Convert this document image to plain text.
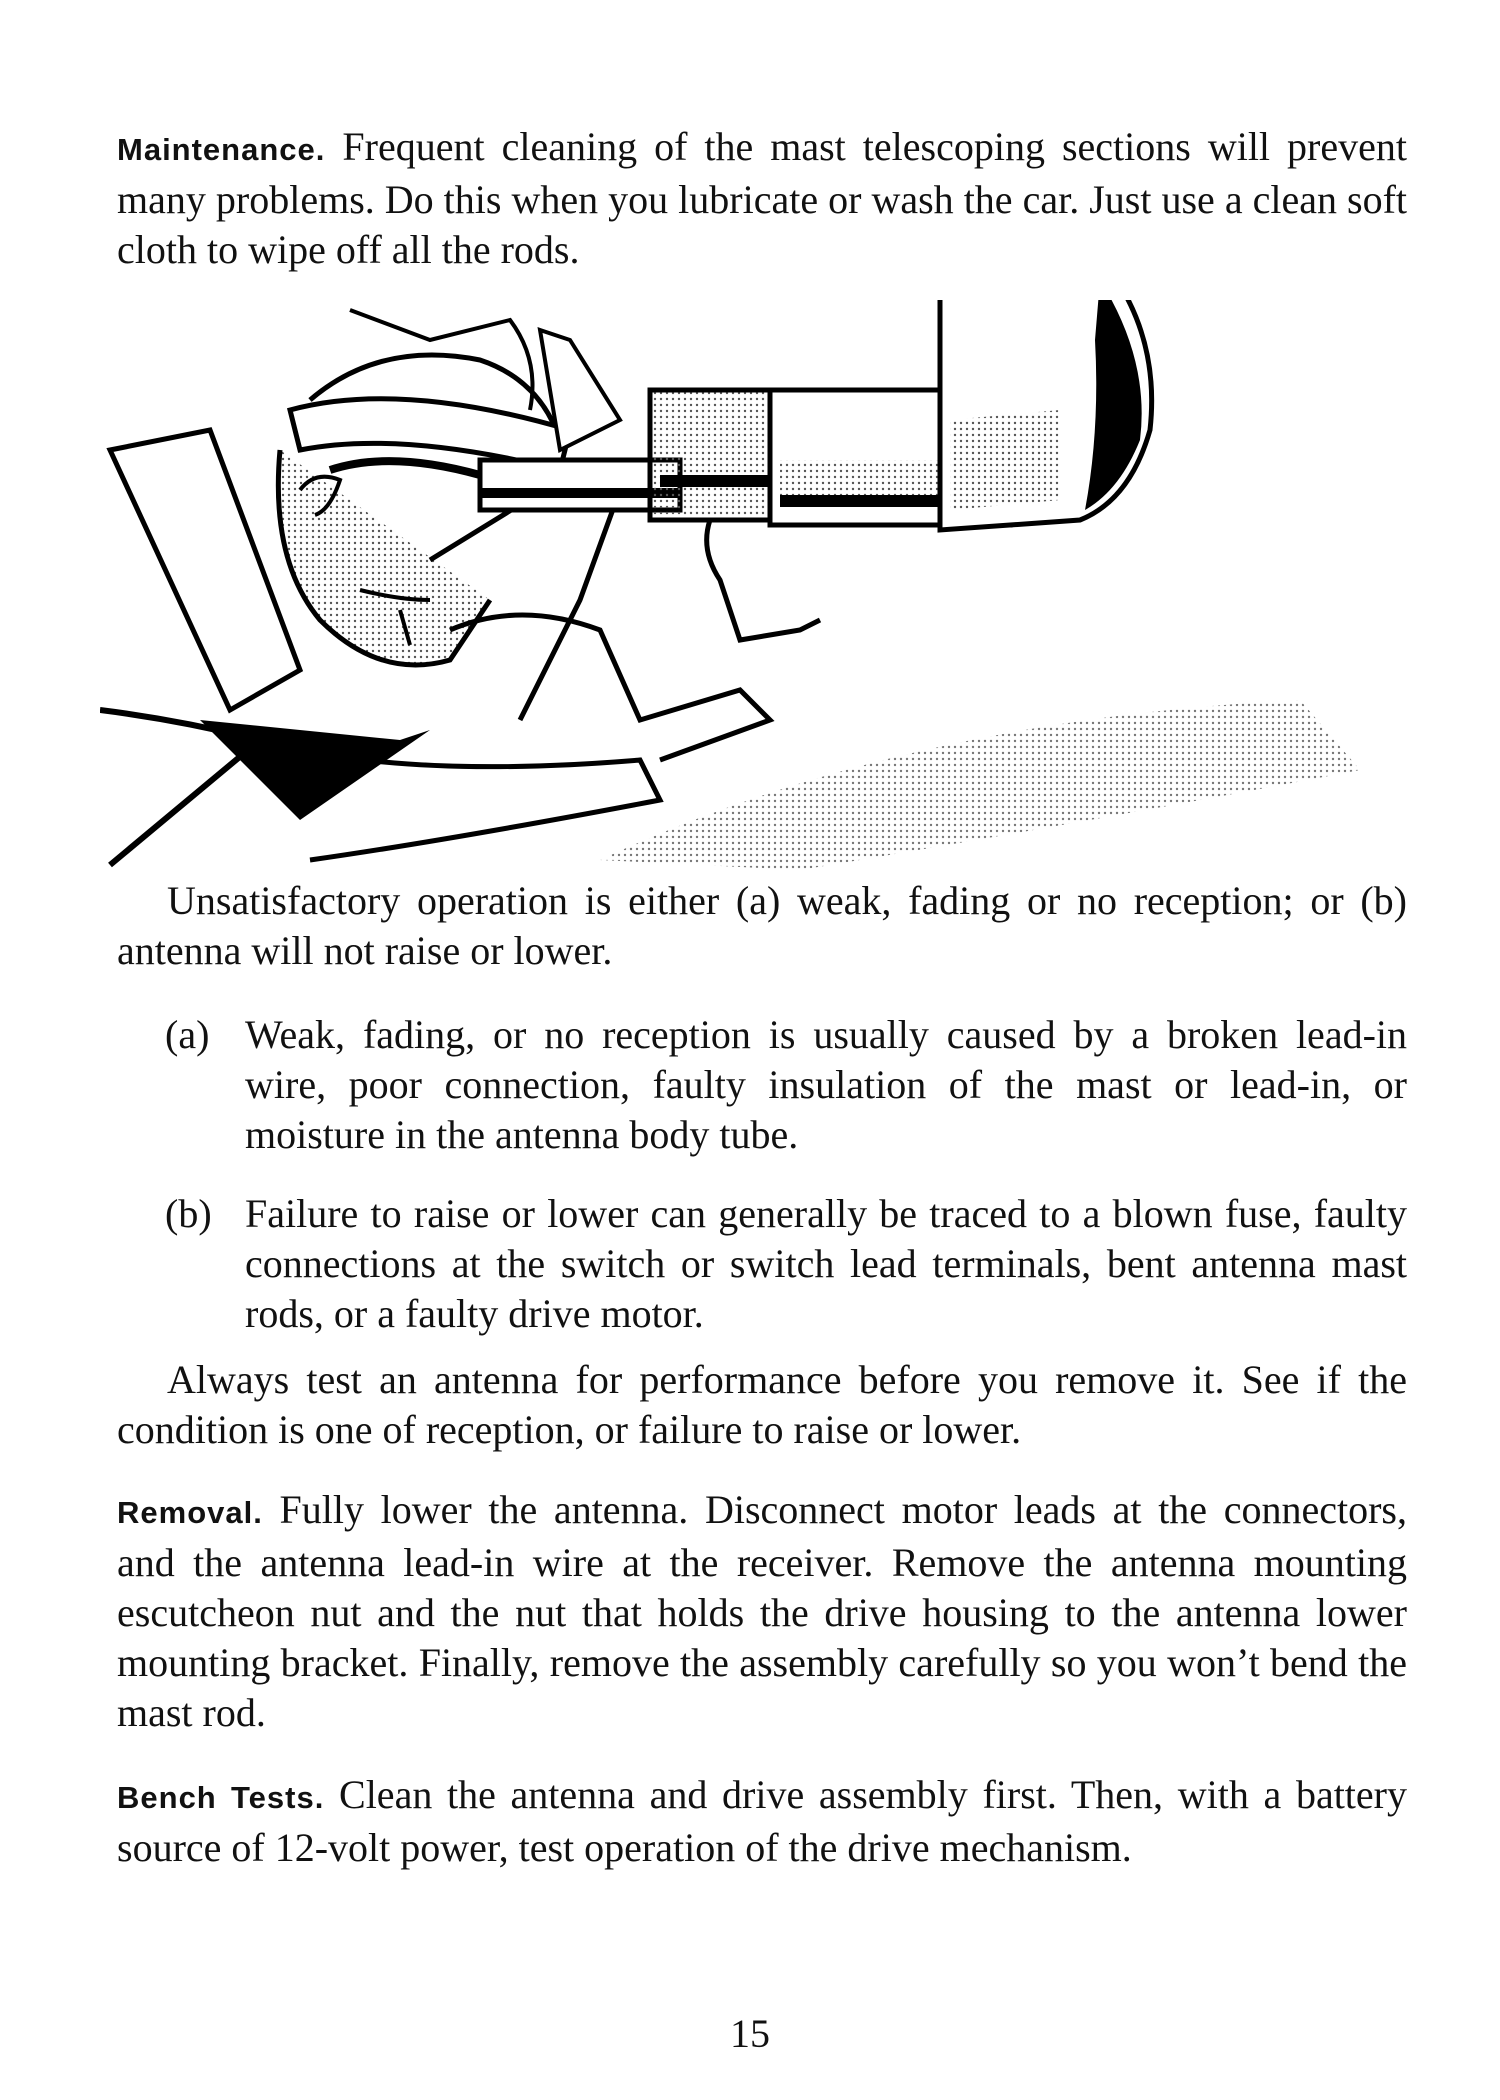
Maintenance. Frequent cleaning of the mast telescoping sections will prevent many problems. Do this when you lubricate or wash the car. Just use a clean soft cloth to wipe off all the rods.

Unsatisfactory operation is either (a) weak, fading or no reception; or (b) antenna will not raise or lower.

(a) Weak, fading, or no reception is usually caused by a broken lead-in wire, poor connection, faulty insulation of the mast or lead-in, or moisture in the antenna body tube.
(b) Failure to raise or lower can generally be traced to a blown fuse, faulty connections at the switch or switch lead terminals, bent antenna mast rods, or a faulty drive motor.

Always test an antenna for performance before you remove it. See if the condition is one of reception, or failure to raise or lower.

Removal. Fully lower the antenna. Disconnect motor leads at the connectors, and the antenna lead-in wire at the receiver. Remove the antenna mounting escutcheon nut and the nut that holds the drive housing to the antenna lower mounting bracket. Finally, remove the assembly carefully so you won’t bend the mast rod.

Bench Tests. Clean the antenna and drive assembly first. Then, with a battery source of 12-volt power, test operation of the drive mechanism.

15
